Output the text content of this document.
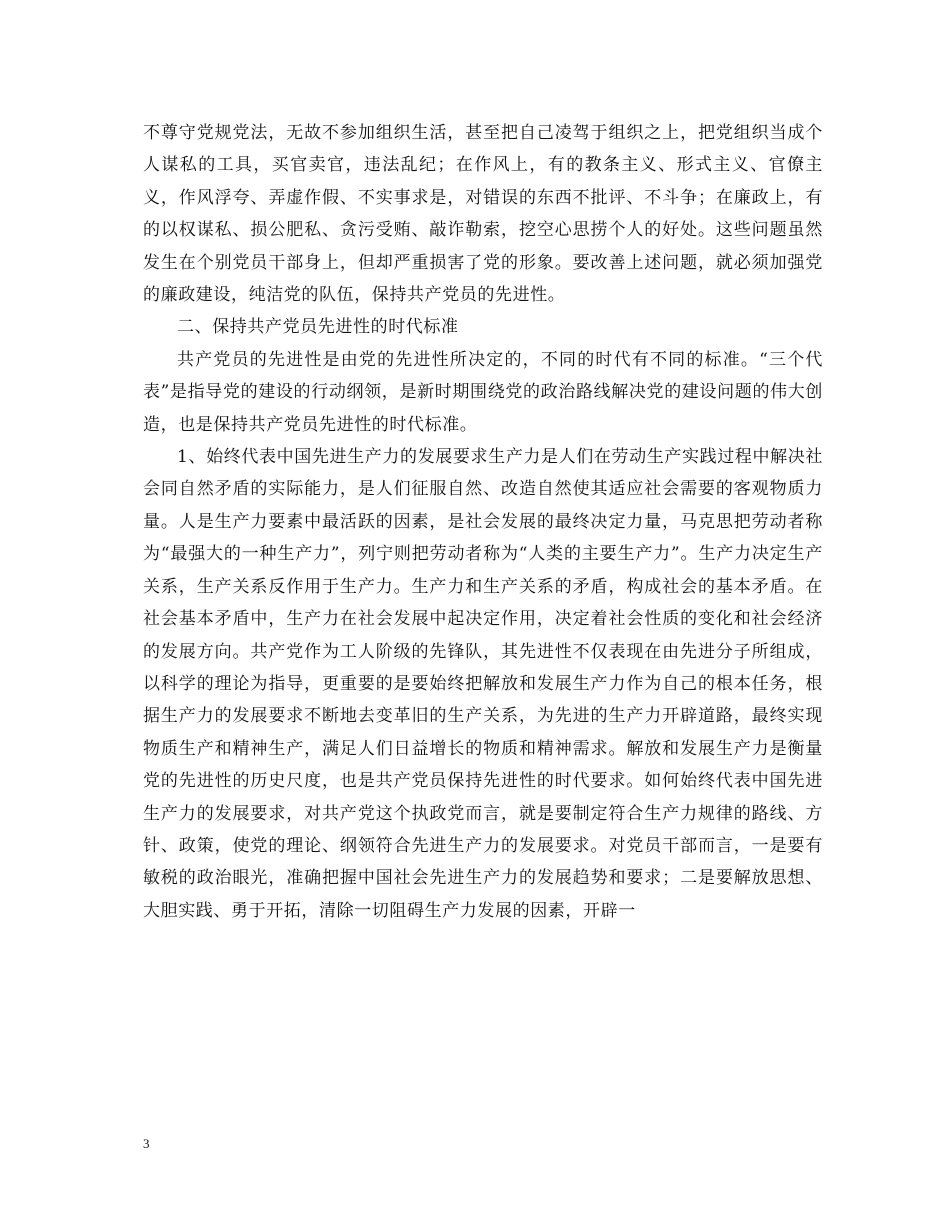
不尊守党规党法，无故不参加组织生活，甚至把自己凌驾于组织之上，把党组织当成个人谋私的工具，买官卖官，违法乱纪；在作风上，有的教条主义、形式主义、官僚主义，作风浮夸、弄虚作假、不实事求是，对错误的东西不批评、不斗争；在廉政上，有的以权谋私、损公肥私、贪污受贿、敲诈勒索，挖空心思捞个人的好处。这些问题虽然发生在个别党员干部身上，但却严重损害了党的形象。要改善上述问题，就必须加强党的廉政建设，纯洁党的队伍，保持共产党员的先进性。

二、保持共产党员先进性的时代标准

共产党员的先进性是由党的先进性所决定的，不同的时代有不同的标准。“三个代表”是指导党的建设的行动纲领，是新时期围绕党的政治路线解决党的建设问题的伟大创造，也是保持共产党员先进性的时代标准。

1、始终代表中国先进生产力的发展要求生产力是人们在劳动生产实践过程中解决社会同自然矛盾的实际能力，是人们征服自然、改造自然使其适应社会需要的客观物质力量。人是生产力要素中最活跃的因素，是社会发展的最终决定力量，马克思把劳动者称为“最强大的一种生产力”，列宁则把劳动者称为“人类的主要生产力”。生产力决定生产关系，生产关系反作用于生产力。生产力和生产关系的矛盾，构成社会的基本矛盾。在社会基本矛盾中，生产力在社会发展中起决定作用，决定着社会性质的变化和社会经济的发展方向。共产党作为工人阶级的先锋队，其先进性不仅表现在由先进分子所组成，以科学的理论为指导，更重要的是要始终把解放和发展生产力作为自己的根本任务，根据生产力的发展要求不断地去变革旧的生产关系，为先进的生产力开辟道路，最终实现物质生产和精神生产，满足人们日益增长的物质和精神需求。解放和发展生产力是衡量党的先进性的历史尺度，也是共产党员保持先进性的时代要求。如何始终代表中国先进生产力的发展要求，对共产党这个执政党而言，就是要制定符合生产力规律的路线、方针、政策，使党的理论、纲领符合先进生产力的发展要求。对党员干部而言，一是要有敏税的政治眼光，准确把握中国社会先进生产力的发展趋势和要求；二是要解放思想、大胆实践、勇于开拓，清除一切阻碍生产力发展的因素，开辟一

3
